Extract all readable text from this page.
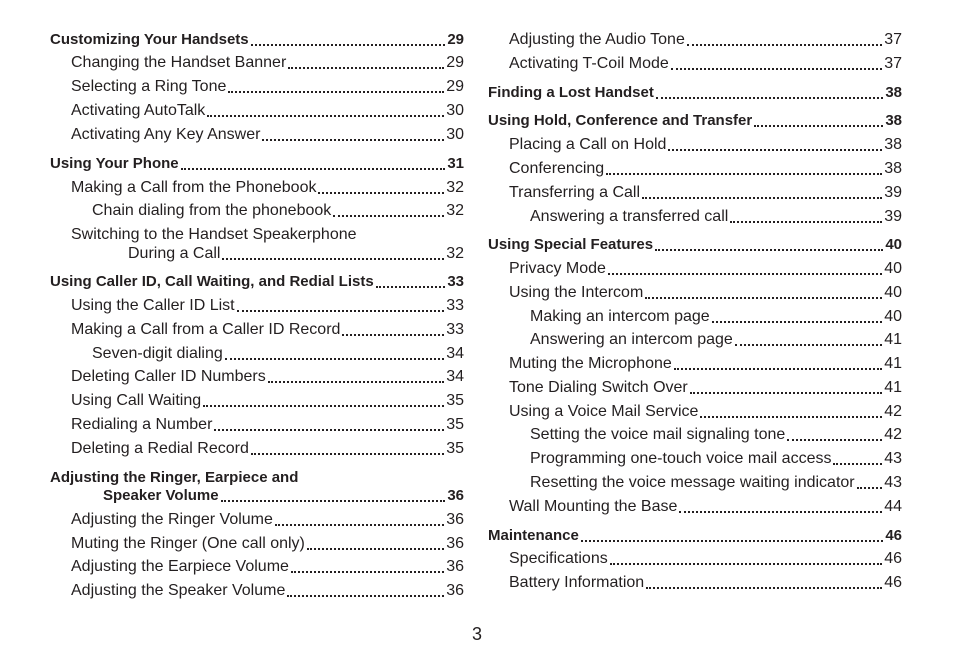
Customizing Your Handsets	29
Changing the Handset Banner	29
Selecting a Ring Tone	29
Activating AutoTalk	30
Activating Any Key Answer	30
Using Your Phone	31
Making a Call from the Phonebook	32
Chain dialing from the phonebook	32
Switching to the Handset Speakerphone
During a Call	32
Using Caller ID, Call Waiting, and Redial Lists	33
Using the Caller ID List	33
Making a Call from a Caller ID Record	33
Seven-digit dialing	34
Deleting Caller ID Numbers	34
Using Call Waiting	35
Redialing a Number	35
Deleting a Redial Record	35
Adjusting the Ringer, Earpiece and
Speaker Volume	36
Adjusting the Ringer Volume	36
Muting the Ringer (One call only)	36
Adjusting the Earpiece Volume	36
Adjusting the Speaker Volume	36
Adjusting the Audio Tone	37
Activating T-Coil Mode	37
Finding a Lost Handset	38
Using Hold, Conference and Transfer	38
Placing a Call on Hold	38
Conferencing	38
Transferring a Call	39
Answering a transferred call	39
Using Special Features	40
Privacy Mode	40
Using the Intercom	40
Making an intercom page	40
Answering an intercom page	41
Muting the Microphone	41
Tone Dialing Switch Over	41
Using a Voice Mail Service	42
Setting the voice mail signaling tone	42
Programming one-touch voice mail access	43
Resetting the voice message waiting indicator 43
Wall Mounting the Base	44
Maintenance	46
Specifications	46
Battery Information	46
3
